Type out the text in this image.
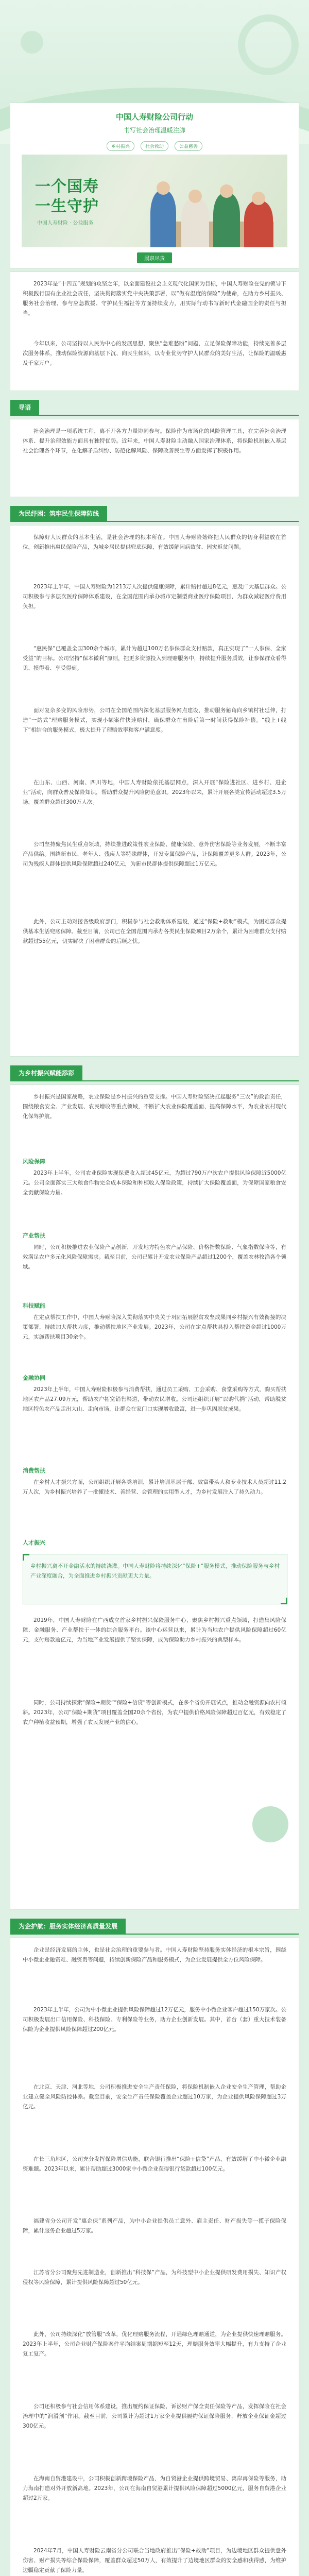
中国人寿财险公司行动
书写社会治理温暖注脚
乡村振兴	社会救助	公益慈善
一个国寿
一生守护
中国人寿财险 · 公益服务
履职尽责

2023年是“十四五”规划的攻坚之年，以全面建设社会主义现代化国家为目标，中国人寿财险在党的领导下积极践行国有企业社会责任，坚决贯彻落实党中央决策部署，以“做有温度的保险”为使命，在助力乡村振兴、服务社会治理、参与应急救援、守护民生福祉等方面持续发力，用实际行动书写新时代金融国企的责任与担当。

今年以来，公司坚持以人民为中心的发展思想，聚焦“急难愁盼”问题，立足保险保障功能，持续完善多层次服务体系，推动保险资源向基层下沉、向民生倾斜，以专业优势守护人民群众的美好生活，让保险的温暖惠及千家万户。

导语

社会治理是一项系统工程，离不开各方力量协同参与。保险作为市场化的风险管理工具，在完善社会治理体系、提升治理效能方面具有独特优势。近年来，中国人寿财险主动融入国家治理体系，将保险机制嵌入基层社会治理各个环节，在化解矛盾纠纷、防范化解风险、保障改善民生等方面发挥了积极作用。

为民纾困：筑牢民生保障防线

保障好人民群众的基本生活，是社会治理的根本所在。中国人寿财险始终把人民群众的切身利益放在首位，创新推出惠民保险产品，为城乡居民提供兜底保障，有效缓解因病致贫、因灾返贫问题。

2023年上半年，中国人寿财险为1213万人次提供健康保障，累计赔付超过8亿元，惠及广大基层群众。公司积极参与多层次医疗保障体系建设，在全国范围内承办城市定制型商业医疗保险项目，为群众减轻医疗费用负担。

“惠民保”已覆盖全国300余个城市，累计为超过100万名参保群众支付赔款，真正实现了“一人参保、全家受益”的目标。公司坚持“保本微利”原则，把更多资源投入到理赔服务中，持续提升服务质效，让参保群众看得见、摸得着、享受得到。

面对复杂多变的风险形势，公司在全国范围内深化基层服务网点建设，推动服务触角向乡镇村社延伸，打造“一站式”理赔服务模式，实现小额案件快速赔付，确保群众在出险后第一时间获得保险补偿。“线上+线下”相结合的服务模式，极大提升了理赔效率和客户满意度。

在山东、山西、河南、四川等地，中国人寿财险依托基层网点，深入开展“保险进社区、进乡村、进企业”活动，向群众普及保险知识，帮助群众提升风险防范意识。2023年以来，累计开展各类宣传活动超过3.5万场，覆盖群众超过300万人次。

公司坚持聚焦民生重点领域，持续推进政策性农业保险、健康保险、意外伤害保险等业务发展，不断丰富产品供给。围绕新市民、老年人、残疾人等特殊群体，开发专属保险产品，让保障覆盖更多人群。2023年，公司为残疾人群体提供风险保障超过240亿元，为新市民群体提供保障超过1万亿元。

此外，公司主动对接各级政府部门，积极参与社会救助体系建设，通过“保险+救助”模式，为困难群众提供基本生活兜底保障。截至目前，公司已在全国范围内承办各类民生保险项目2万余个，累计为困难群众支付赔款超过55亿元，切实解决了困难群众的后顾之忧。

为乡村振兴赋能添彩

乡村振兴是国家战略，农业保险是乡村振兴的重要支撑。中国人寿财险坚决扛起服务“三农”的政治责任，围绕粮食安全、产业发展、农民增收等重点领域，不断扩大农业保险覆盖面、提高保障水平，为农业农村现代化保驾护航。

风险保障

2023年上半年，公司农业保险实现保费收入超过45亿元，为超过790万户次农户提供风险保障近5000亿元。公司全面落实三大粮食作物完全成本保险和种植收入保险政策，持续扩大保险覆盖面，为保障国家粮食安全贡献保险力量。

产业帮扶

同时，公司积极推进农业保险产品创新，开发地方特色农产品保险、价格指数保险、气象指数保险等，有效满足农户多元化风险保障需求。截至目前，公司已累计开发农业保险产品超过1200个，覆盖农林牧渔各个领域。

科技赋能

在定点帮扶工作中，中国人寿财险深入贯彻落实中央关于巩固拓展脱贫攻坚成果同乡村振兴有效衔接的决策部署，持续加大帮扶力度，推动帮扶地区产业发展。2023年，公司在定点帮扶县投入帮扶资金超过1000万元，实施帮扶项目30余个。

金融协同

2023年上半年，中国人寿财险积极参与消费帮扶，通过员工采购、工会采购、食堂采购等方式，购买帮扶地区农产品27.09万元，帮助农户拓宽销售渠道，带动农民增收。公司还组织开展“以购代捐”活动，帮助脱贫地区特色农产品走出大山、走向市场，让群众在家门口实现增收致富，进一步巩固脱贫成果。

消费帮扶

在乡村人才振兴方面，公司组织开展各类培训，累计培训基层干部、致富带头人和专业技术人员超过11.2万人次，为乡村振兴培养了一批懂技术、善经营、会管理的实用型人才，为乡村发展注入了持久动力。

人才振兴

乡村振兴离不开金融活水的持续浇灌。中国人寿财险将持续深化“保险+”服务模式，推动保险服务与乡村产业深度融合，为全面推进乡村振兴贡献更大力量。

2019年，中国人寿财险在广西成立首家乡村振兴保险服务中心，聚焦乡村振兴重点领域，打造集风险保障、金融服务、产业帮扶于一体的综合服务平台。该中心运营以来，累计为当地农户提供风险保障超过60亿元，支付赔款逾亿元，为当地产业发展提供了坚实保障，成为保险助力乡村振兴的典型样本。

同时，公司持续探索“保险+期货”“保险+信贷”等创新模式，在多个省份开展试点，推动金融资源向农村倾斜。2023年，公司“保险+期货”项目覆盖全国20余个省份，为农户提供价格风险保障超过百亿元，有效稳定了农户种植收益预期，增强了农民发展产业的信心。

为企护航：服务实体经济高质量发展

企业是经济发展的主体，也是社会治理的重要参与者。中国人寿财险坚持服务实体经济的根本宗旨，围绕中小微企业融资难、融资贵等问题，持续创新保险产品和服务模式，为企业发展提供全方位风险保障。

2023年上半年，公司为中小微企业提供风险保障超过12万亿元，服务中小微企业客户超过150万家次。公司积极发展出口信用保险、科技保险、专利保险等业务，助力企业创新发展。其中，首台（套）重大技术装备保险为企业提供风险保障超过200亿元。

在北京、天津、河北等地，公司积极推进安全生产责任保险，将保险机制嵌入企业安全生产管理，帮助企业建立健全风险防控体系。截至目前，安全生产责任保险覆盖企业超过10万家，为企业提供风险保障超过3万亿元。

在长三角地区，公司充分发挥保险增信功能，联合银行推出“保险+信贷”产品，有效缓解了中小微企业融资难题。2023年以来，累计帮助超过3000家中小微企业获得银行贷款超过100亿元。

福建省分公司开发“惠企保”系列产品，为中小企业提供员工意外、雇主责任、财产损失等一揽子保险保障，累计服务企业超过5万家。

江苏省分公司聚焦先进制造业，创新推出“科技保”产品，为科技型中小企业提供研发费用损失、知识产权侵权等风险保障，累计提供风险保障超过50亿元。

此外，公司持续深化“放管服”改革，优化理赔服务流程，开通绿色理赔通道，为企业提供快速理赔服务。2023年上半年，公司企业财产保险案件平均结案周期缩短至12天，理赔服务效率大幅提升，有力支持了企业复工复产。

公司还积极参与社会信用体系建设，推出履约保证保险、诉讼财产保全责任保险等产品，发挥保险在社会治理中的“润滑剂”作用。截至目前，公司累计为超过1万家企业提供履约保证保险服务，释放企业保证金超过300亿元。

在海南自贸港建设中，公司积极创新跨境保险产品，为自贸港企业提供跨境贸易、离岸再保险等服务，助力海南打造对外开放新高地。2023年，公司在海南自贸港累计提供风险保障超过5000亿元，服务自贸港企业超过2万家。

2024年7月，中国人寿财险云南省分公司联合当地政府推出“保险+救助”项目，为边境地区群众提供意外伤害、财产损失等综合保险保障，覆盖群众超过50万人，有效提升了边境地区群众的安全感和获得感，为维护边疆稳定贡献了保险力量。
